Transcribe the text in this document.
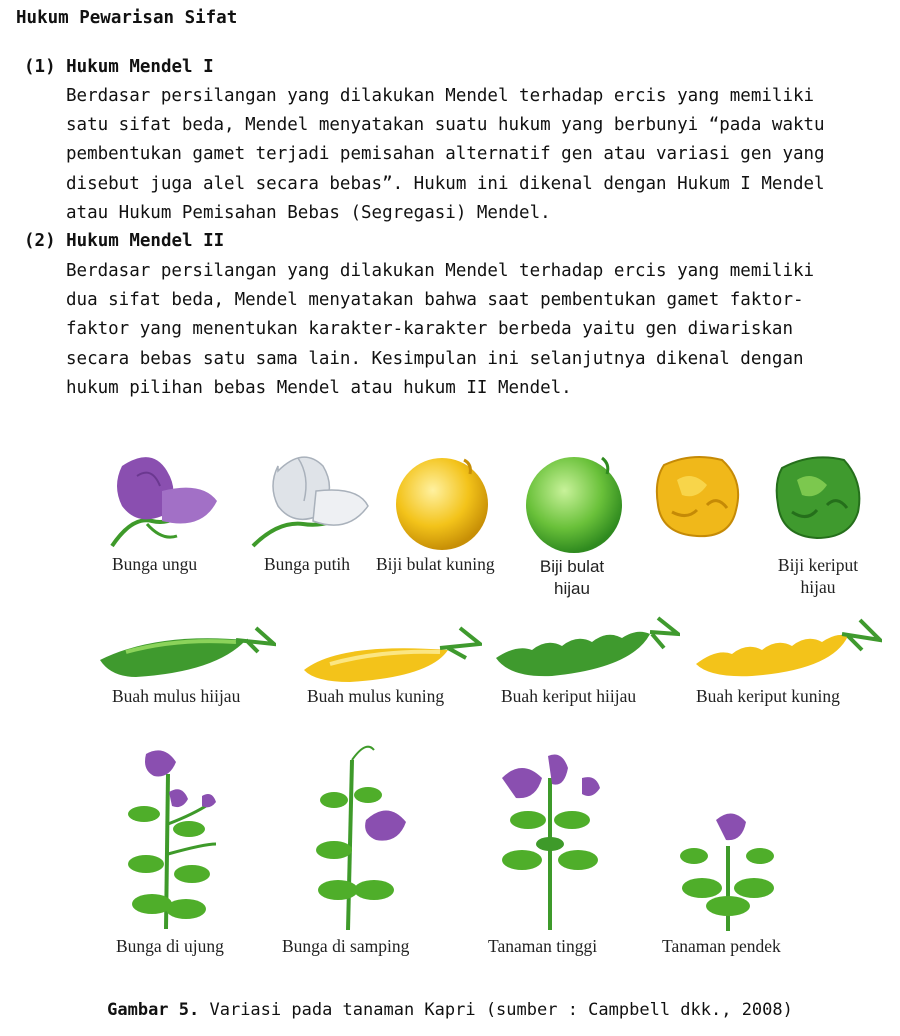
Hukum Pewarisan Sifat
(1) Hukum Mendel I
Berdasar persilangan yang dilakukan Mendel terhadap ercis yang memiliki
satu sifat beda, Mendel menyatakan suatu hukum yang berbunyi “pada waktu
pembentukan gamet terjadi pemisahan alternatif gen atau variasi gen yang
disebut juga alel secara bebas”. Hukum ini dikenal dengan Hukum I Mendel
atau Hukum Pemisahan Bebas (Segregasi) Mendel.
(2) Hukum Mendel II
Berdasar persilangan yang dilakukan Mendel terhadap ercis yang memiliki
dua sifat beda, Mendel menyatakan bahwa saat pembentukan gamet faktor-
faktor yang menentukan karakter-karakter berbeda yaitu gen diwariskan
secara bebas satu sama lain. Kesimpulan ini selanjutnya dikenal dengan
hukum pilihan bebas Mendel atau hukum II Mendel.
Bunga ungu	Bunga putih Biji bulat kuning	Biji bulat
hijau
Biji keriput
hijau
Buah mulus hiijau	Buah mulus kuning	Buah keriput hiijau	Buah keriput kuning
Bunga di ujung	Bunga di samping	Tanaman tinggi	Tanaman pendek
Gambar 5. Variasi pada tanaman Kapri (sumber : Campbell dkk., 2008)
